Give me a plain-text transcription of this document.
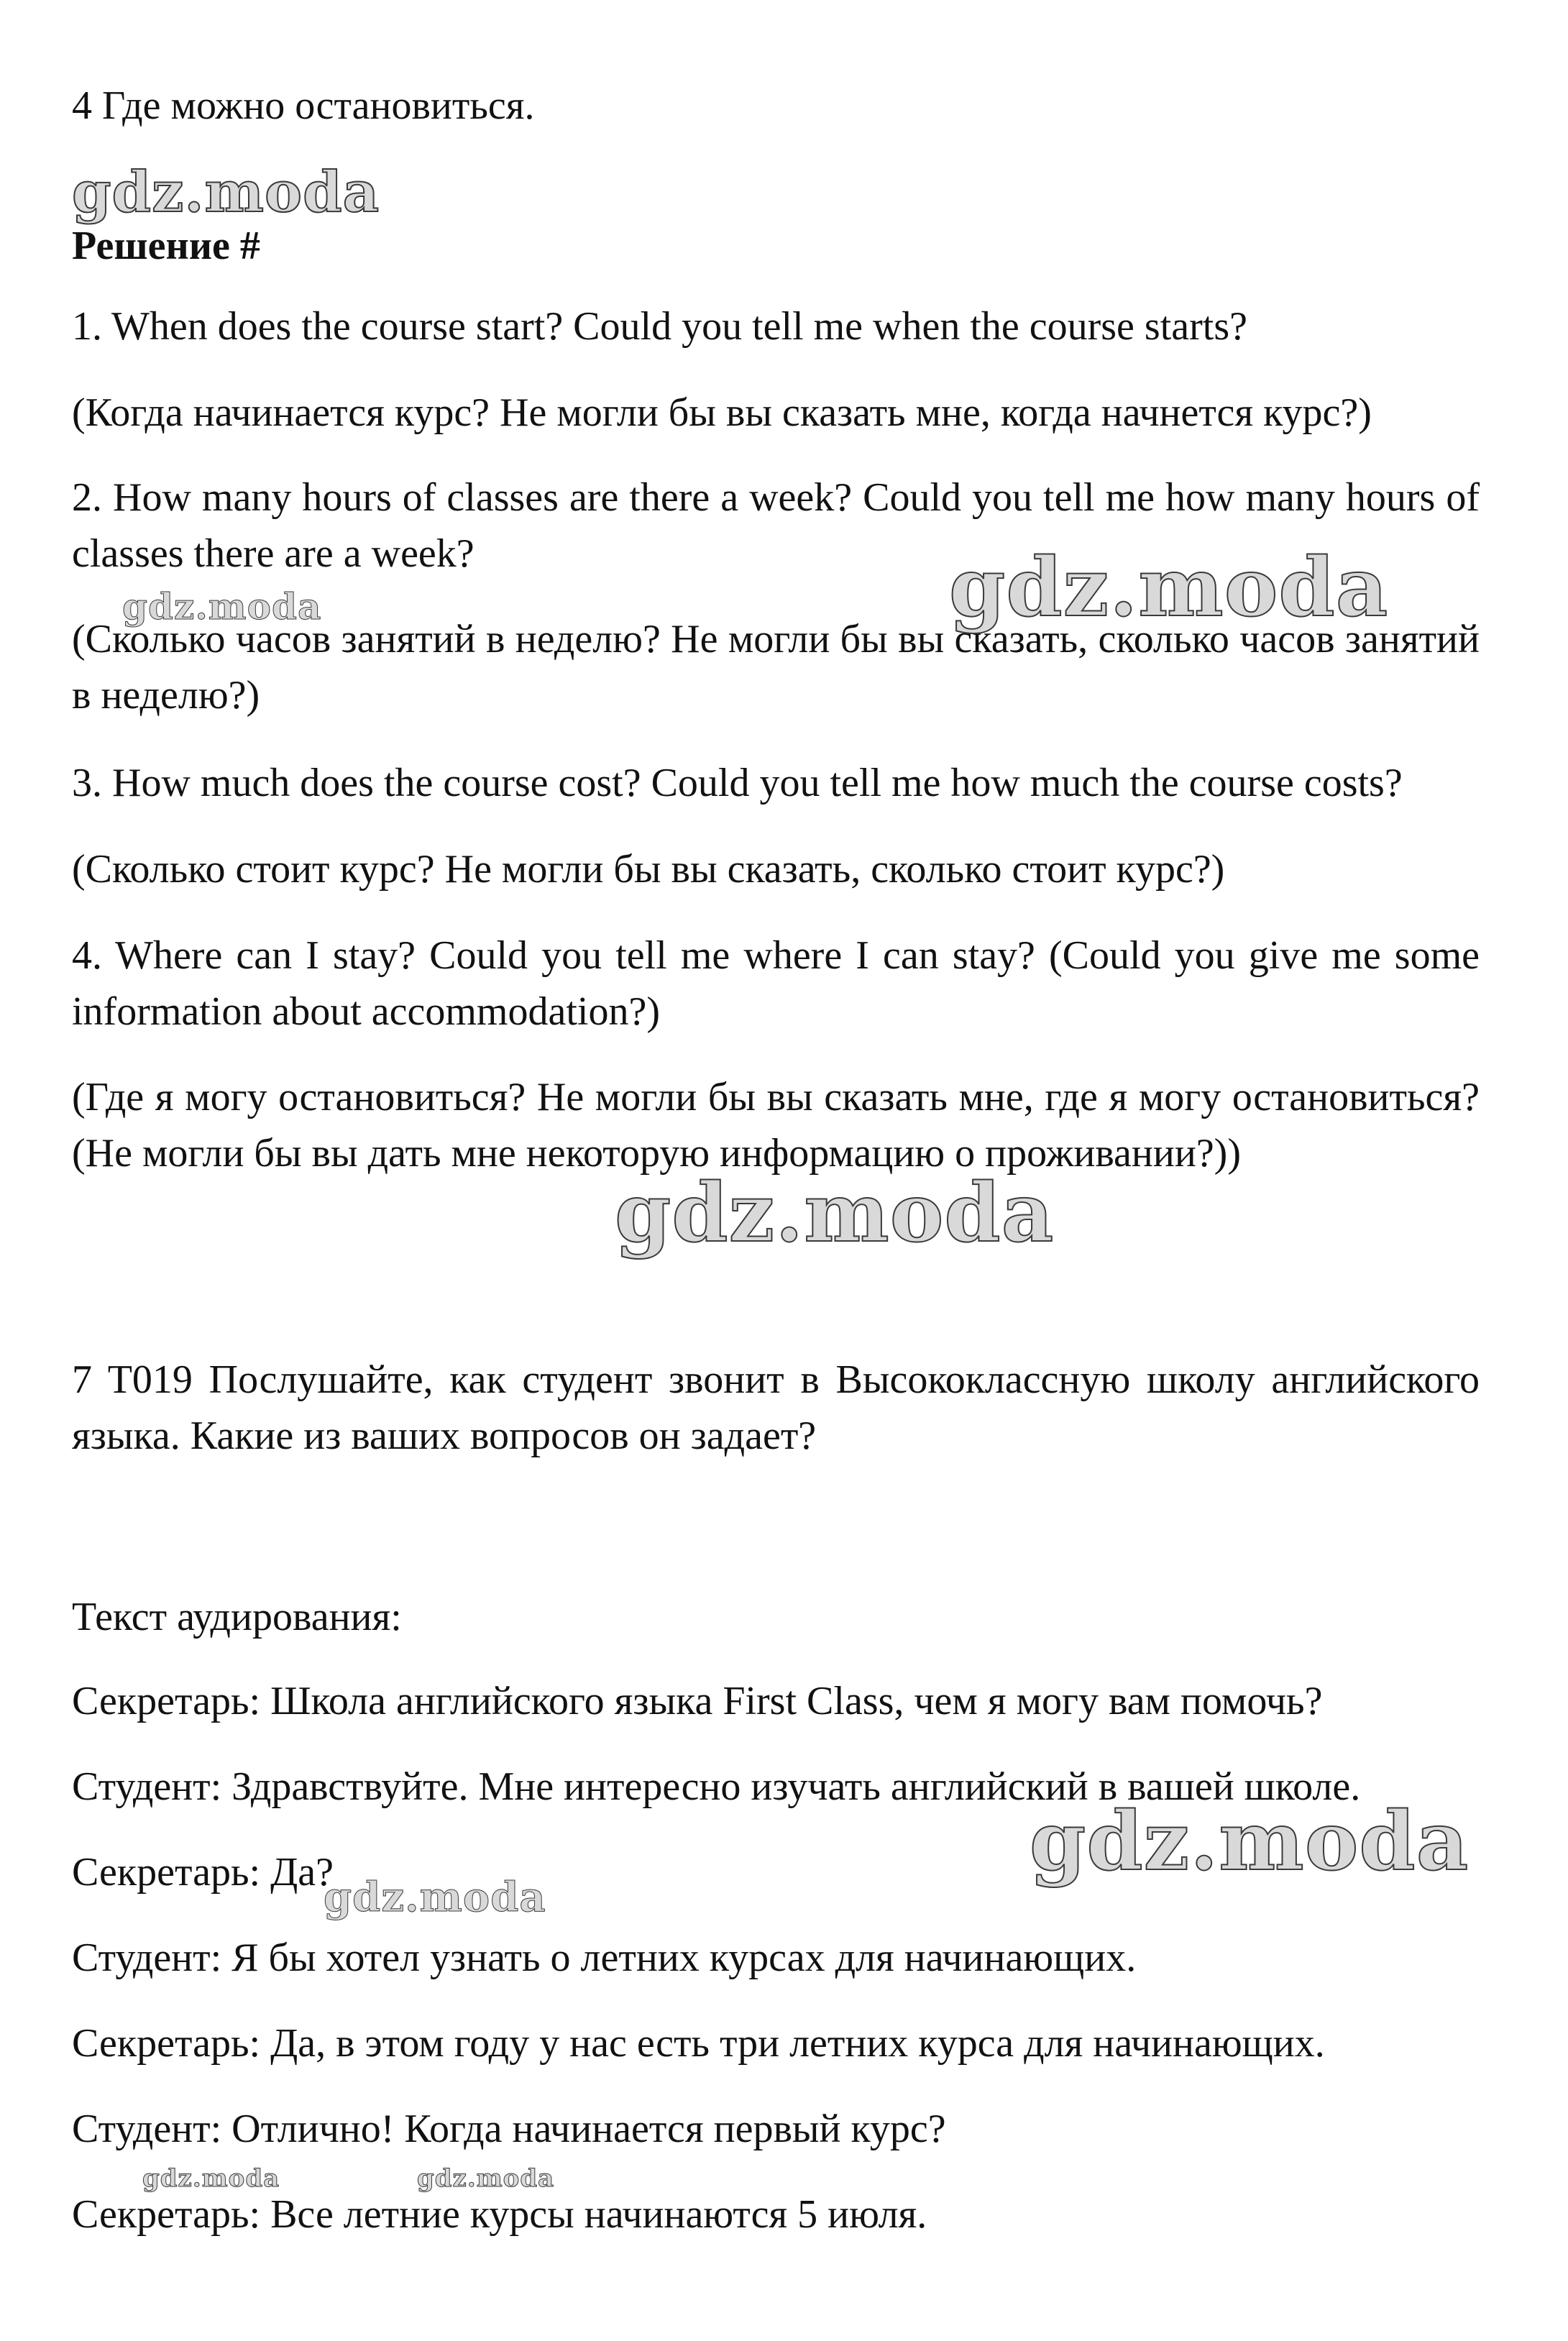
4 Где можно остановиться.

Решение #

1. When does the course start? Could you tell me when the course starts?

(Когда начинается курс? Не могли бы вы сказать мне, когда начнется курс?)

2. How many hours of classes are there a week? Could you tell me how many hours of classes there are a week?

(Сколько часов занятий в неделю? Не могли бы вы сказать, сколько часов занятий в неделю?)

3. How much does the course cost? Could you tell me how much the course costs?

(Сколько стоит курс? Не могли бы вы сказать, сколько стоит курс?)

4. Where can I stay? Could you tell me where I can stay? (Could you give me some information about accommodation?)

(Где я могу остановиться? Не могли бы вы сказать мне, где я могу остановиться? (Не могли бы вы дать мне некоторую информацию о проживании?))

7 T019 Послушайте, как студент звонит в Высококлассную школу английского языка. Какие из ваших вопросов он задает?

Текст аудирования:

Секретарь: Школа английского языка First Class, чем я могу вам помочь?

Студент: Здравствуйте. Мне интересно изучать английский в вашей школе.

Секретарь: Да?

Студент: Я бы хотел узнать о летних курсах для начинающих.

Секретарь: Да, в этом году у нас есть три летних курса для начинающих.

Студент: Отлично! Когда начинается первый курс?

Секретарь: Все летние курсы начинаются 5 июля.

gdz.moda
gdz.moda
gdz.moda
gdz.moda
gdz.moda
gdz.moda
gdz.moda	gdz.moda
